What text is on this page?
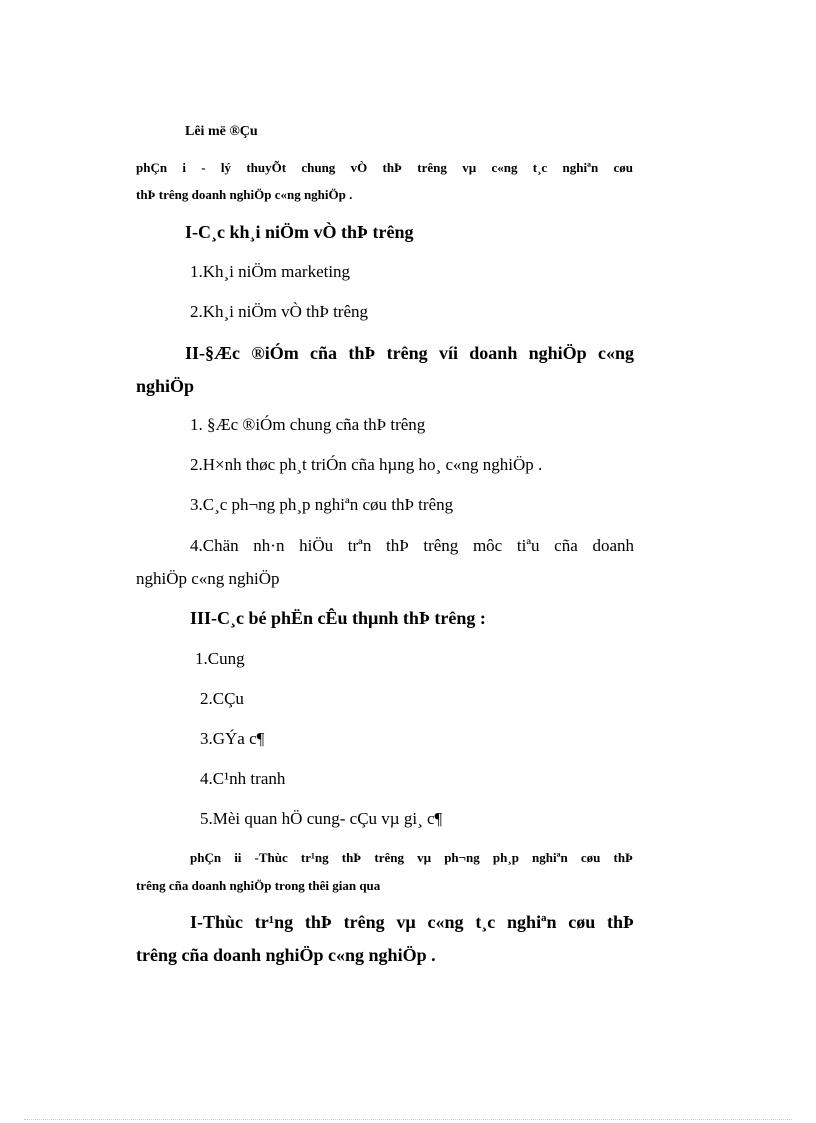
Lêi më ®Çu
phÇn i - lý thuyÕt chung vÒ thÞ trêng vµ c«ng t¸c nghiªn cøu
thÞ trêng doanh nghiÖp c«ng nghiÖp .
I-C¸c kh¸i niÖm vÒ thÞ trêng
1.Kh¸i niÖm marketing
2.Kh¸i niÖm vÒ thÞ trêng
II-§Æc ®iÓm cña thÞ trêng víi doanh nghiÖp c«ng
nghiÖp
1. §Æc ®iÓm chung cña thÞ trêng
2.H×nh thøc ph¸t triÓn cña hµng ho¸ c«ng nghiÖp .
3.C¸c ph¬ng ph¸p nghiªn cøu thÞ trêng
4.Chän nh·n hiÖu trªn thÞ trêng môc tiªu cña doanh
nghiÖp c«ng nghiÖp
III-C¸c bé phËn cÊu thµnh thÞ trêng :
1.Cung
2.CÇu
3.GÝa c¶
4.C¹nh tranh
5.Mèi quan hÖ cung- cÇu vµ gi¸ c¶
phÇn ii -Thùc tr¹ng thÞ trêng vµ ph¬ng ph¸p nghiªn cøu thÞ
trêng cña doanh nghiÖp trong thêi gian qua
I-Thùc tr¹ng thÞ trêng vµ c«ng t¸c nghiªn cøu thÞ
trêng cña doanh nghiÖp c«ng nghiÖp .
